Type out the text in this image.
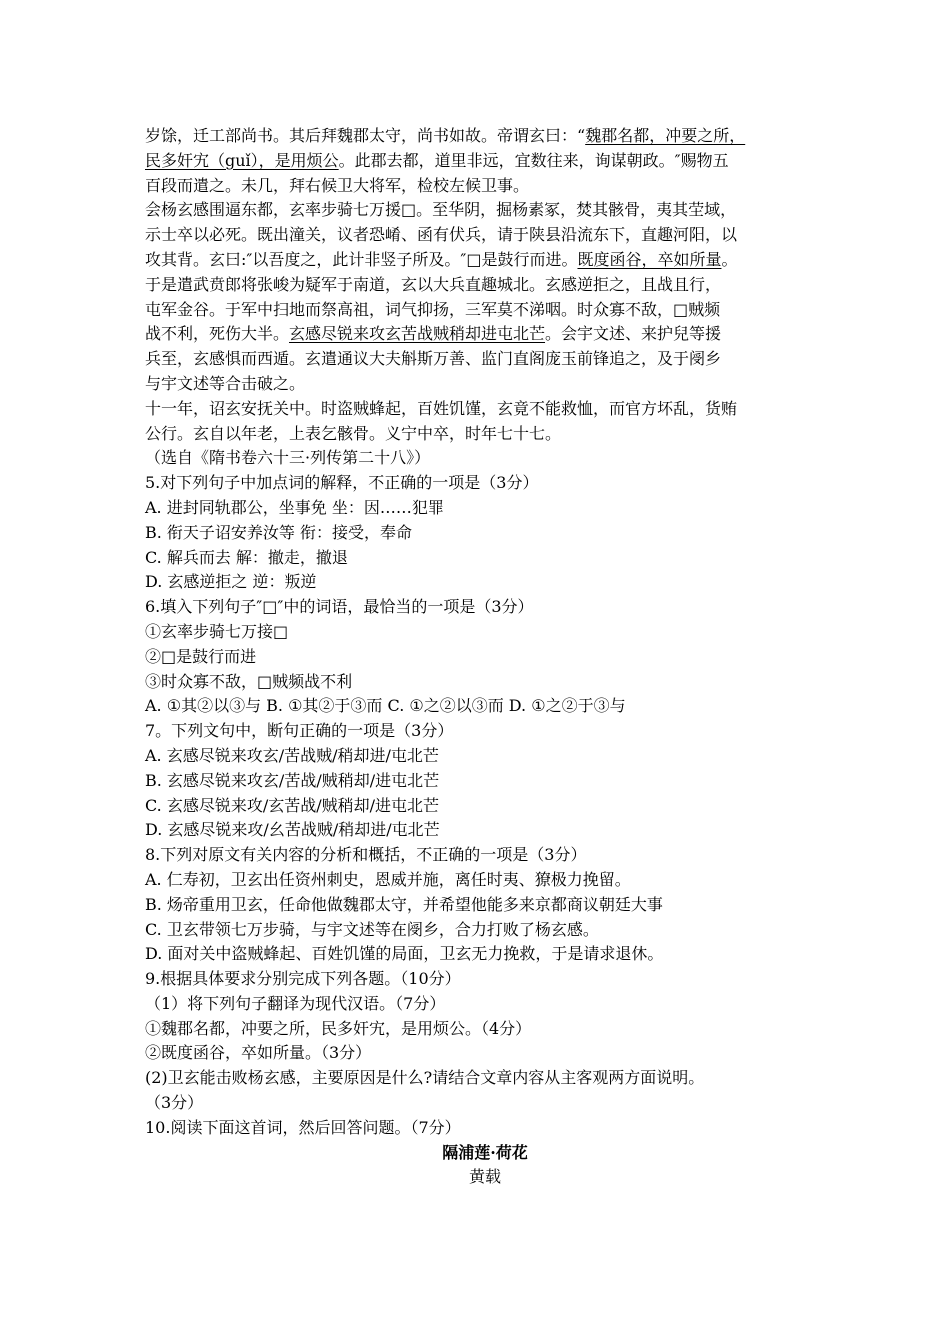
岁馀，迁工部尚书。其后拜魏郡太守，尚书如故。帝谓玄曰：“魏郡名都，冲要之所，
民多奸宄（guǐ），是用烦公。此郡去都，道里非远，宜数往来，询谋朝政。″赐物五
百段而遣之。未几，拜右候卫大将军，检校左候卫事。
会杨玄感围逼东都，玄率步骑七万援□。至华阴，掘杨素冢，焚其骸骨，夷其茔域，
示士卒以必死。既出潼关，议者恐崤、函有伏兵，请于陕县沿流东下，直趣河阳，以
攻其背。玄曰:″以吾度之，此计非竖子所及。″□是鼓行而进。既度函谷，卒如所量。
于是遣武贲郎将张峻为疑军于南道，玄以大兵直趣城北。玄感逆拒之，且战且行，
屯军金谷。于军中扫地而祭高祖，词气抑扬，三军莫不涕咽。时众寡不敌，□贼频
战不利，死伤大半。玄感尽锐来攻玄苦战贼稍却进屯北芒。会宇文述、来护兒等援
兵至，玄感惧而西遁。玄遣通议大夫斛斯万善、监门直阁庞玉前锋追之，及于阌乡
与宇文述等合击破之。
十一年，诏玄安抚关中。时盗贼蜂起，百姓饥馑，玄竟不能救恤，而官方坏乱，货贿
公行。玄自以年老，上表乞骸骨。义宁中卒，时年七十七。
（选自《隋书卷六十三·列传第二十八》）
5.对下列句子中加点词的解释，不正确的一项是（3分）
A. 进封同轨郡公，坐事免 坐：因……犯罪
B. 衔天子诏安养汝等 衔：接受，奉命
C. 解兵而去 解：撤走，撤退
D. 玄感逆拒之 逆：叛逆
6.填入下列句子″□″中的词语，最恰当的一项是（3分）
①玄率步骑七万接□
②□是鼓行而进
③时众寡不敌，□贼频战不利
A. ①其②以③与 B. ①其②于③而 C. ①之②以③而 D. ①之②于③与
7。下列文句中，断句正确的一项是（3分）
A. 玄感尽锐来攻玄/苦战贼/稍却进/屯北芒
B. 玄感尽锐来攻玄/苦战/贼稍却/进屯北芒
C. 玄感尽锐来攻/玄苦战/贼稍却/进屯北芒
D. 玄感尽锐来攻/幺苦战贼/稍却进/屯北芒
8.下列对原文有关内容的分析和概括，不正确的一项是（3分）
A. 仁寿初，卫玄出任资州刺史，恩威并施，离任时夷、獠极力挽留。
B. 炀帝重用卫玄，任命他做魏郡太守，并希望他能多来京都商议朝廷大事
C. 卫玄带领七万步骑，与宇文述等在阌乡，合力打败了杨玄感。
D. 面对关中盗贼蜂起、百姓饥馑的局面，卫玄无力挽救，于是请求退休。
9.根据具体要求分别完成下列各题。（10分）
（1）将下列句子翻译为现代汉语。（7分）
①魏郡名都，冲要之所，民多奸宄，是用烦公。（4分）
②既度函谷，卒如所量。（3分）
(2)卫玄能击败杨玄感，主要原因是什么?请结合文章内容从主客观两方面说明。
（3分）
10.阅读下面这首词，然后回答问题。（7分）
隔浦莲·荷花
黄载
